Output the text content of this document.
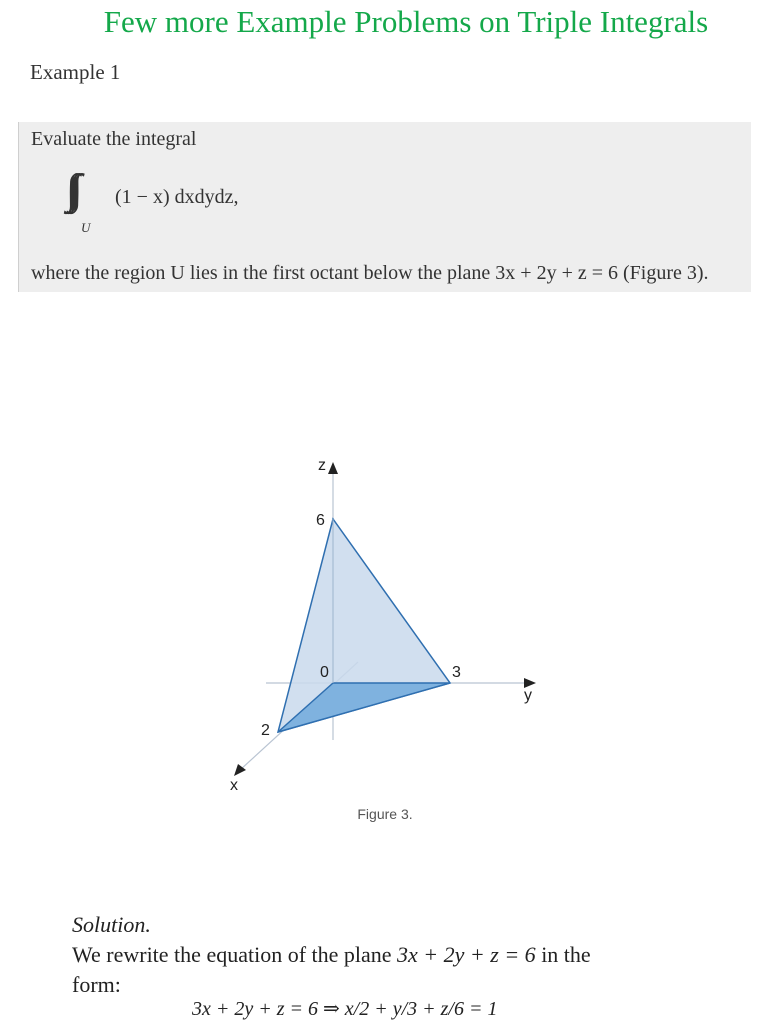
Few more Example Problems on Triple Integrals
Example 1
Evaluate the integral
U
(1 − x) dxdydz,
where the region U lies in the first octant below the plane 3x + 2y + z = 6 (Figure 3).
z
y
x
6
3
2
0
Figure 3.
Solution.
We rewrite the equation of the plane 3x + 2y + z = 6 in the
form:
3x + 2y + z = 6 ⇒ x/2 + y/3 + z/6 = 1
